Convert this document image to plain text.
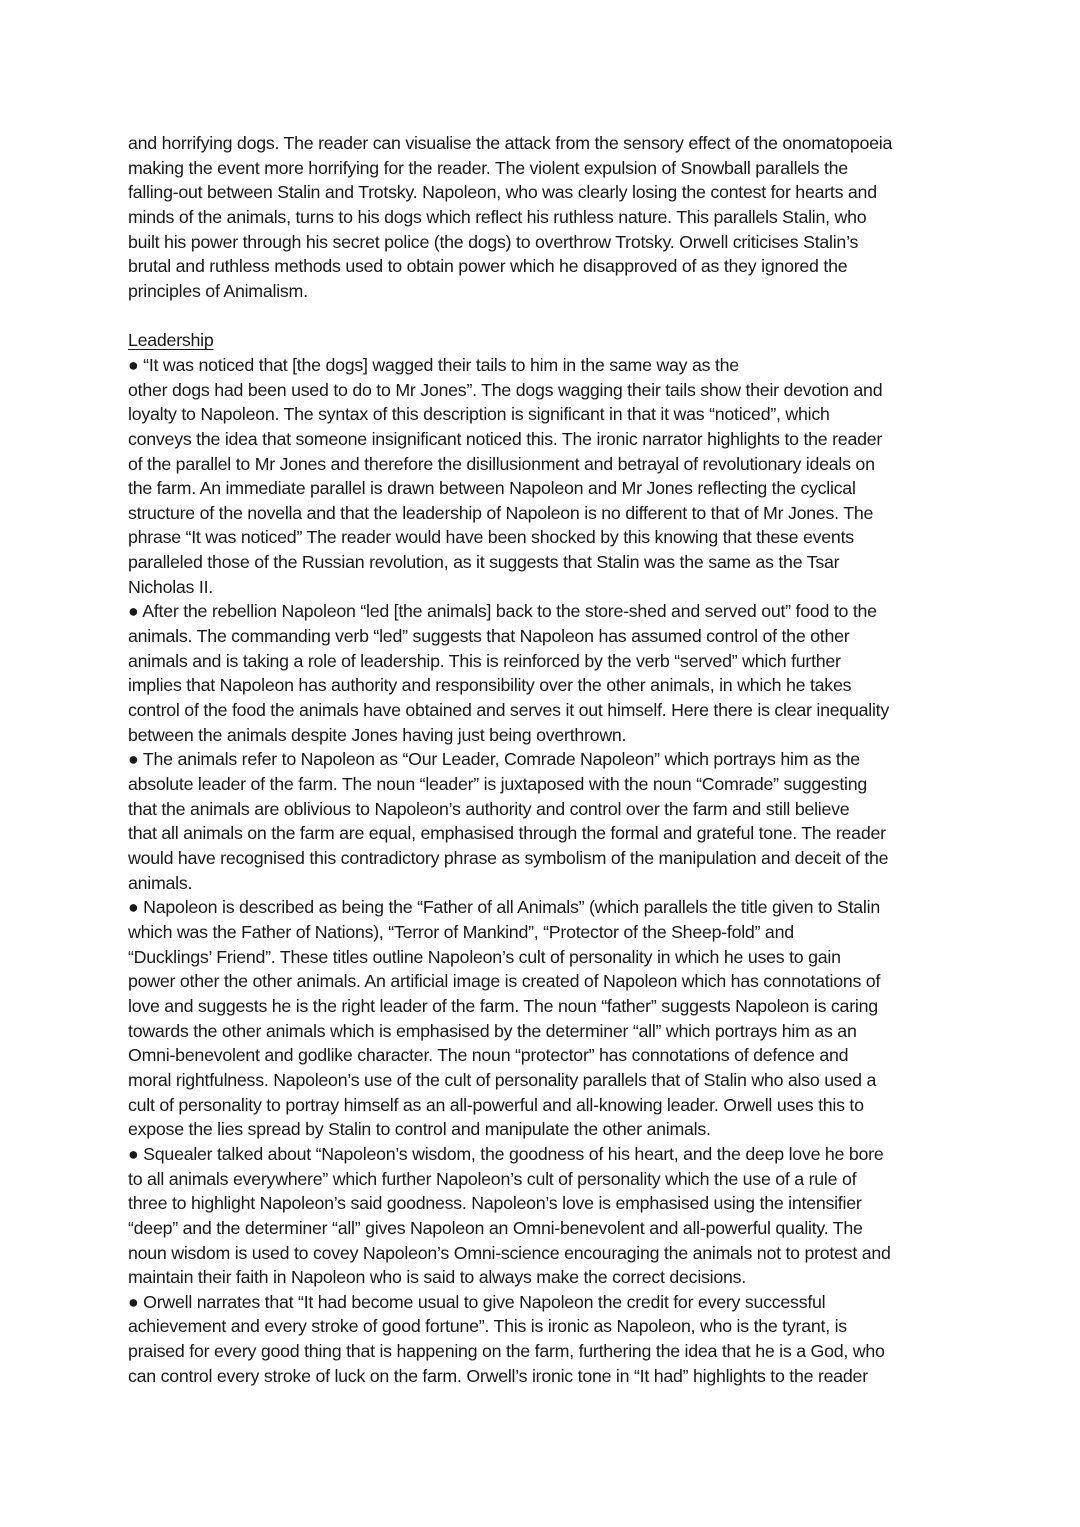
and horrifying dogs. The reader can visualise the attack from the sensory effect of the onomatopoeia
making the event more horrifying for the reader. The violent expulsion of Snowball parallels the
falling-out between Stalin and Trotsky. Napoleon, who was clearly losing the contest for hearts and
minds of the animals, turns to his dogs which reflect his ruthless nature. This parallels Stalin, who
built his power through his secret police (the dogs) to overthrow Trotsky. Orwell criticises Stalin’s
brutal and ruthless methods used to obtain power which he disapproved of as they ignored the
principles of Animalism.
Leadership
● “It was noticed that [the dogs] wagged their tails to him in the same way as the
other dogs had been used to do to Mr Jones”. The dogs wagging their tails show their devotion and
loyalty to Napoleon. The syntax of this description is significant in that it was “noticed”, which
conveys the idea that someone insignificant noticed this. The ironic narrator highlights to the reader
of the parallel to Mr Jones and therefore the disillusionment and betrayal of revolutionary ideals on
the farm. An immediate parallel is drawn between Napoleon and Mr Jones reflecting the cyclical
structure of the novella and that the leadership of Napoleon is no different to that of Mr Jones. The
phrase “It was noticed” The reader would have been shocked by this knowing that these events
paralleled those of the Russian revolution, as it suggests that Stalin was the same as the Tsar
Nicholas II.
● After the rebellion Napoleon “led [the animals] back to the store-shed and served out” food to the
animals. The commanding verb “led” suggests that Napoleon has assumed control of the other
animals and is taking a role of leadership. This is reinforced by the verb “served” which further
implies that Napoleon has authority and responsibility over the other animals, in which he takes
control of the food the animals have obtained and serves it out himself. Here there is clear inequality
between the animals despite Jones having just being overthrown.
● The animals refer to Napoleon as “Our Leader, Comrade Napoleon” which portrays him as the
absolute leader of the farm. The noun “leader” is juxtaposed with the noun “Comrade” suggesting
that the animals are oblivious to Napoleon’s authority and control over the farm and still believe
that all animals on the farm are equal, emphasised through the formal and grateful tone. The reader
would have recognised this contradictory phrase as symbolism of the manipulation and deceit of the
animals.
● Napoleon is described as being the “Father of all Animals” (which parallels the title given to Stalin
which was the Father of Nations), “Terror of Mankind”, “Protector of the Sheep-fold” and
“Ducklings’ Friend”. These titles outline Napoleon’s cult of personality in which he uses to gain
power other the other animals. An artificial image is created of Napoleon which has connotations of
love and suggests he is the right leader of the farm. The noun “father” suggests Napoleon is caring
towards the other animals which is emphasised by the determiner “all” which portrays him as an
Omni-benevolent and godlike character. The noun “protector” has connotations of defence and
moral rightfulness. Napoleon’s use of the cult of personality parallels that of Stalin who also used a
cult of personality to portray himself as an all-powerful and all-knowing leader. Orwell uses this to
expose the lies spread by Stalin to control and manipulate the other animals.
● Squealer talked about “Napoleon’s wisdom, the goodness of his heart, and the deep love he bore
to all animals everywhere” which further Napoleon’s cult of personality which the use of a rule of
three to highlight Napoleon’s said goodness. Napoleon’s love is emphasised using the intensifier
“deep” and the determiner “all” gives Napoleon an Omni-benevolent and all-powerful quality. The
noun wisdom is used to covey Napoleon’s Omni-science encouraging the animals not to protest and
maintain their faith in Napoleon who is said to always make the correct decisions.
● Orwell narrates that “It had become usual to give Napoleon the credit for every successful
achievement and every stroke of good fortune”. This is ironic as Napoleon, who is the tyrant, is
praised for every good thing that is happening on the farm, furthering the idea that he is a God, who
can control every stroke of luck on the farm. Orwell’s ironic tone in “It had” highlights to the reader
